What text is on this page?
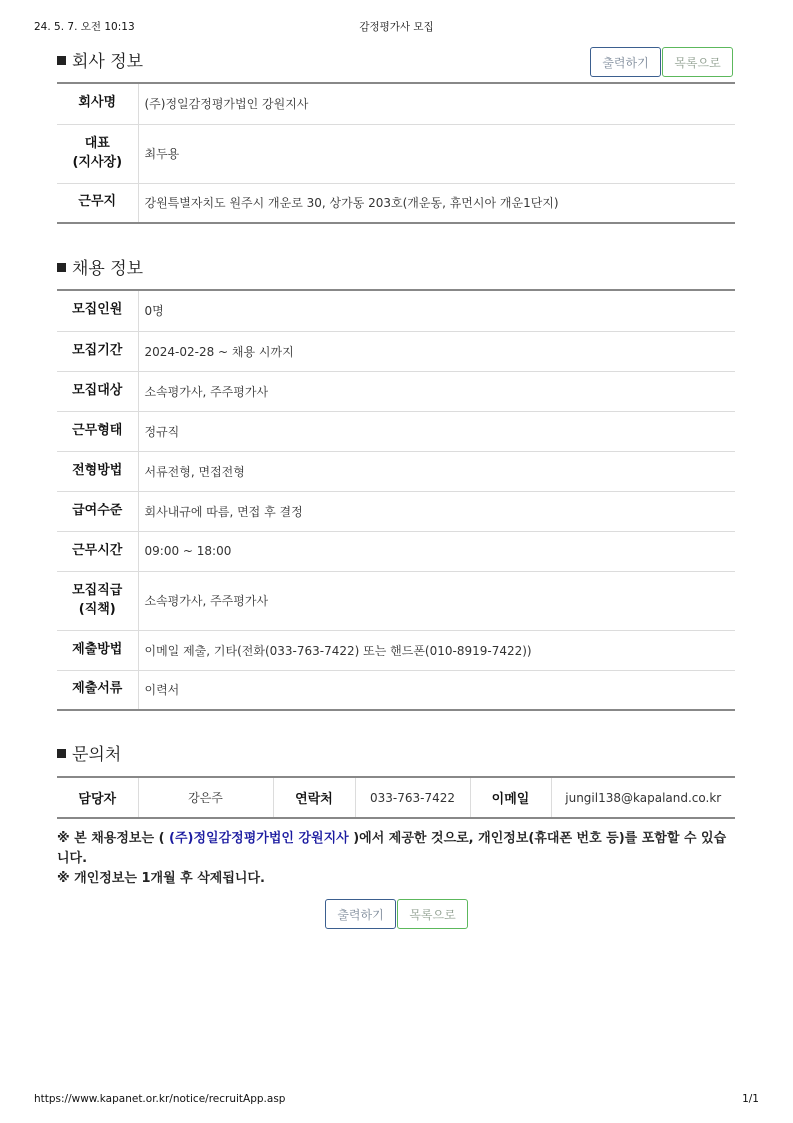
24. 5. 7. 오전 10:13	감정평가사 모집
회사 정보	출력하기	목록으로
회사명	(주)정일감정평가법인 강원지사

대표
(지사장)	최두용
근무지	강원특별자치도 원주시 개운로 30, 상가동 203호(개운동, 휴먼시아 개운1단지)
채용 정보
모집인원	0명
모집기간	2024-02-28 ~ 채용 시까지
모집대상	소속평가사, 주주평가사
근무형태	정규직
전형방법	서류전형, 면접전형
급여수준	회사내규에 따름, 면접 후 결정
근무시간	09:00 ~ 18:00

모집직급
(직책)	소속평가사, 주주평가사
제출방법	이메일 제출, 기타(전화(033-763-7422) 또는 핸드폰(010-8919-7422))
제출서류	이력서
문의처
담당자	강은주	연락처	033-763-7422	이메일	jungil138@kapaland.co.kr
※ 본 채용정보는 ( (주)정일감정평가법인 강원지사 )에서 제공한 것으로, 개인정보(휴대폰 번호 등)를 포함할 수 있습니다.
※ 개인정보는 1개월 후 삭제됩니다.
출력하기	목록으로
https://www.kapanet.or.kr/notice/recruitApp.asp	1/1
